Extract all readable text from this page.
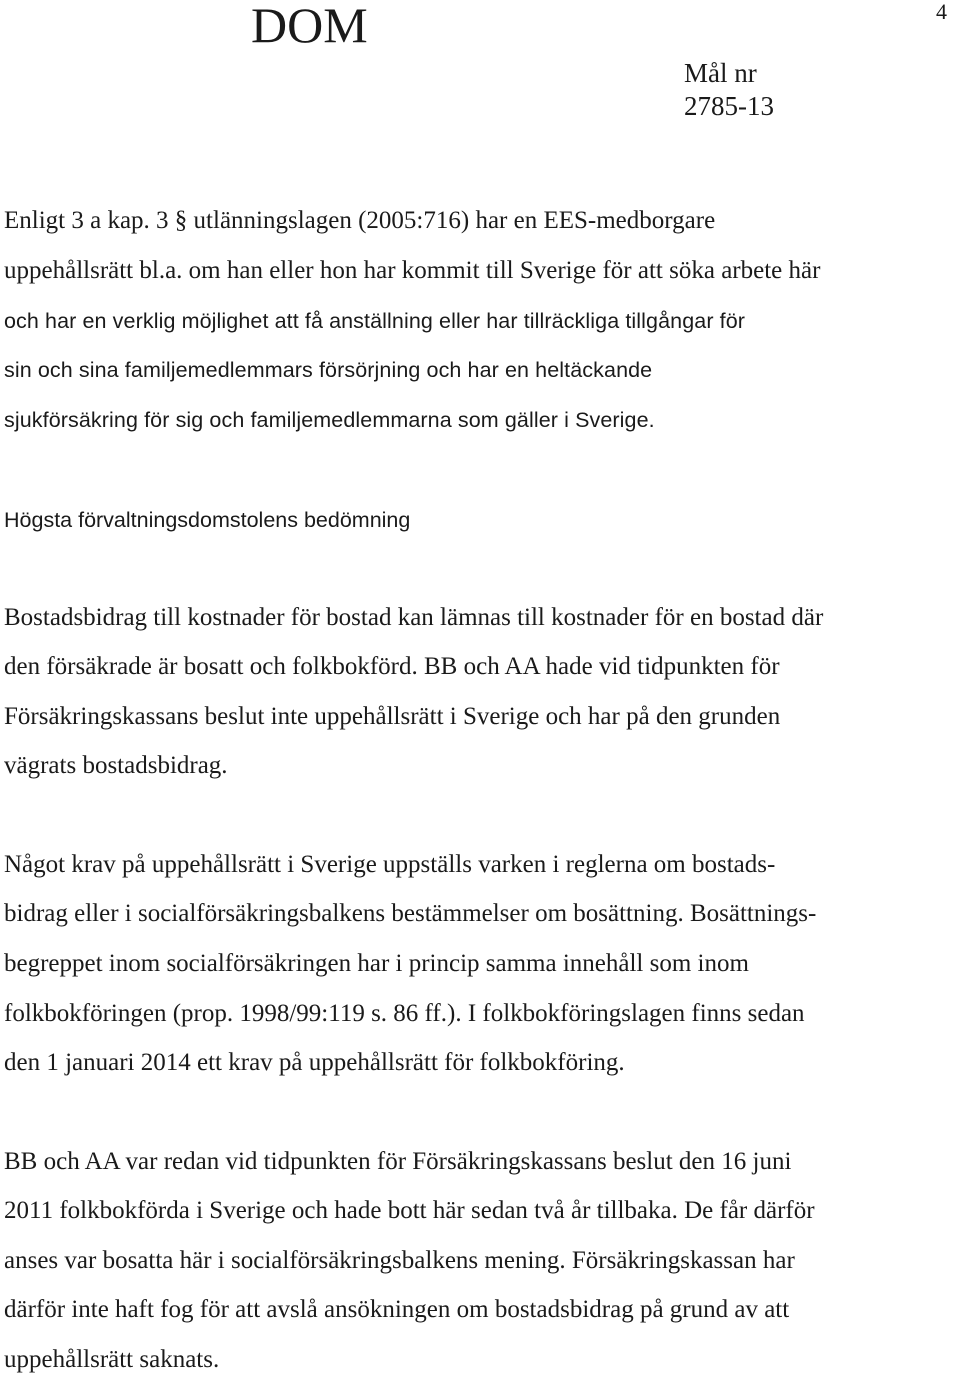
DOM	4
Mål nr
2785-13
Enligt 3 a kap. 3 § utlänningslagen (2005:716) har en EES-medborgare
uppehållsrätt bl.a. om han eller hon har kommit till Sverige för att söka arbete här
och har en verklig möjlighet att få anställning eller har tillräckliga tillgångar för
sin och sina familjemedlemmars försörjning och har en heltäckande
sjukförsäkring för sig och familjemedlemmarna som gäller i Sverige.
Högsta förvaltningsdomstolens bedömning
Bostadsbidrag till kostnader för bostad kan lämnas till kostnader för en bostad där
den försäkrade är bosatt och folkbokförd. BB och AA hade vid tidpunkten för
Försäkringskassans beslut inte uppehållsrätt i Sverige och har på den grunden
vägrats bostadsbidrag.
Något krav på uppehållsrätt i Sverige uppställs varken i reglerna om bostads-
bidrag eller i socialförsäkringsbalkens bestämmelser om bosättning. Bosättnings-
begreppet inom socialförsäkringen har i princip samma innehåll som inom
folkbokföringen (prop. 1998/99:119 s. 86 ff.). I folkbokföringslagen finns sedan
den 1 januari 2014 ett krav på uppehållsrätt för folkbokföring.
BB och AA var redan vid tidpunkten för Försäkringskassans beslut den 16 juni
2011 folkbokförda i Sverige och hade bott här sedan två år tillbaka. De får därför
anses var bosatta här i socialförsäkringsbalkens mening. Försäkringskassan har
därför inte haft fog för att avslå ansökningen om bostadsbidrag på grund av att
uppehållsrätt saknats.
